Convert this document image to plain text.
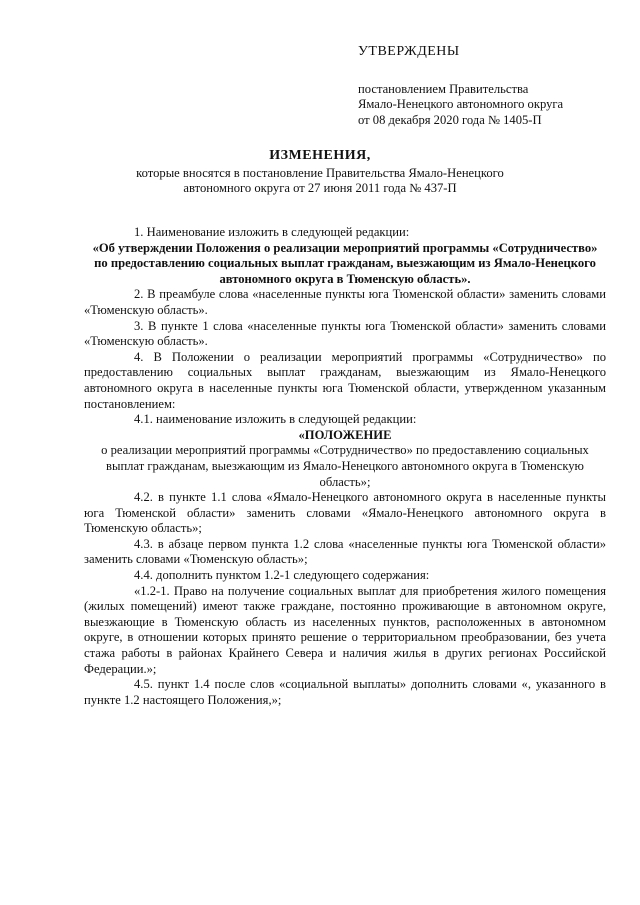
УТВЕРЖДЕНЫ
постановлением Правительства
Ямало-Ненецкого автономного округа
от 08 декабря 2020 года № 1405-П
ИЗМЕНЕНИЯ,
которые вносятся в постановление Правительства Ямало-Ненецкого
автономного округа от 27 июня 2011 года № 437-П
1. Наименование изложить в следующей редакции:
«Об утверждении Положения о реализации мероприятий программы «Сотрудничество» по предоставлению социальных выплат гражданам, выезжающим из Ямало-Ненецкого автономного округа в Тюменскую область».
2. В преамбуле слова «населенные пункты юга Тюменской области» заменить словами «Тюменскую область».
3. В пункте 1 слова «населенные пункты юга Тюменской области» заменить словами «Тюменскую область».
4. В Положении о реализации мероприятий программы «Сотрудничество» по предоставлению социальных выплат гражданам, выезжающим из Ямало-Ненецкого автономного округа в населенные пункты юга Тюменской области, утвержденном указанным постановлением:
4.1. наименование изложить в следующей редакции:
«ПОЛОЖЕНИЕ
о реализации мероприятий программы «Сотрудничество» по предоставлению социальных выплат гражданам, выезжающим из Ямало-Ненецкого автономного округа в Тюменскую область»;
4.2. в пункте 1.1 слова «Ямало-Ненецкого автономного округа в населенные пункты юга Тюменской области» заменить словами «Ямало-Ненецкого автономного округа в Тюменскую область»;
4.3. в абзаце первом пункта 1.2 слова «населенные пункты юга Тюменской области» заменить словами «Тюменскую область»;
4.4. дополнить пунктом 1.2-1 следующего содержания:
«1.2-1. Право на получение социальных выплат для приобретения жилого помещения (жилых помещений) имеют также граждане, постоянно проживающие в автономном округе, выезжающие в Тюменскую область из населенных пунктов, расположенных в автономном округе, в отношении которых принято решение о территориальном преобразовании, без учета стажа работы в районах Крайнего Севера и наличия жилья в других регионах Российской Федерации.»;
4.5. пункт 1.4 после слов «социальной выплаты» дополнить словами «, указанного в пункте 1.2 настоящего Положения,»;
